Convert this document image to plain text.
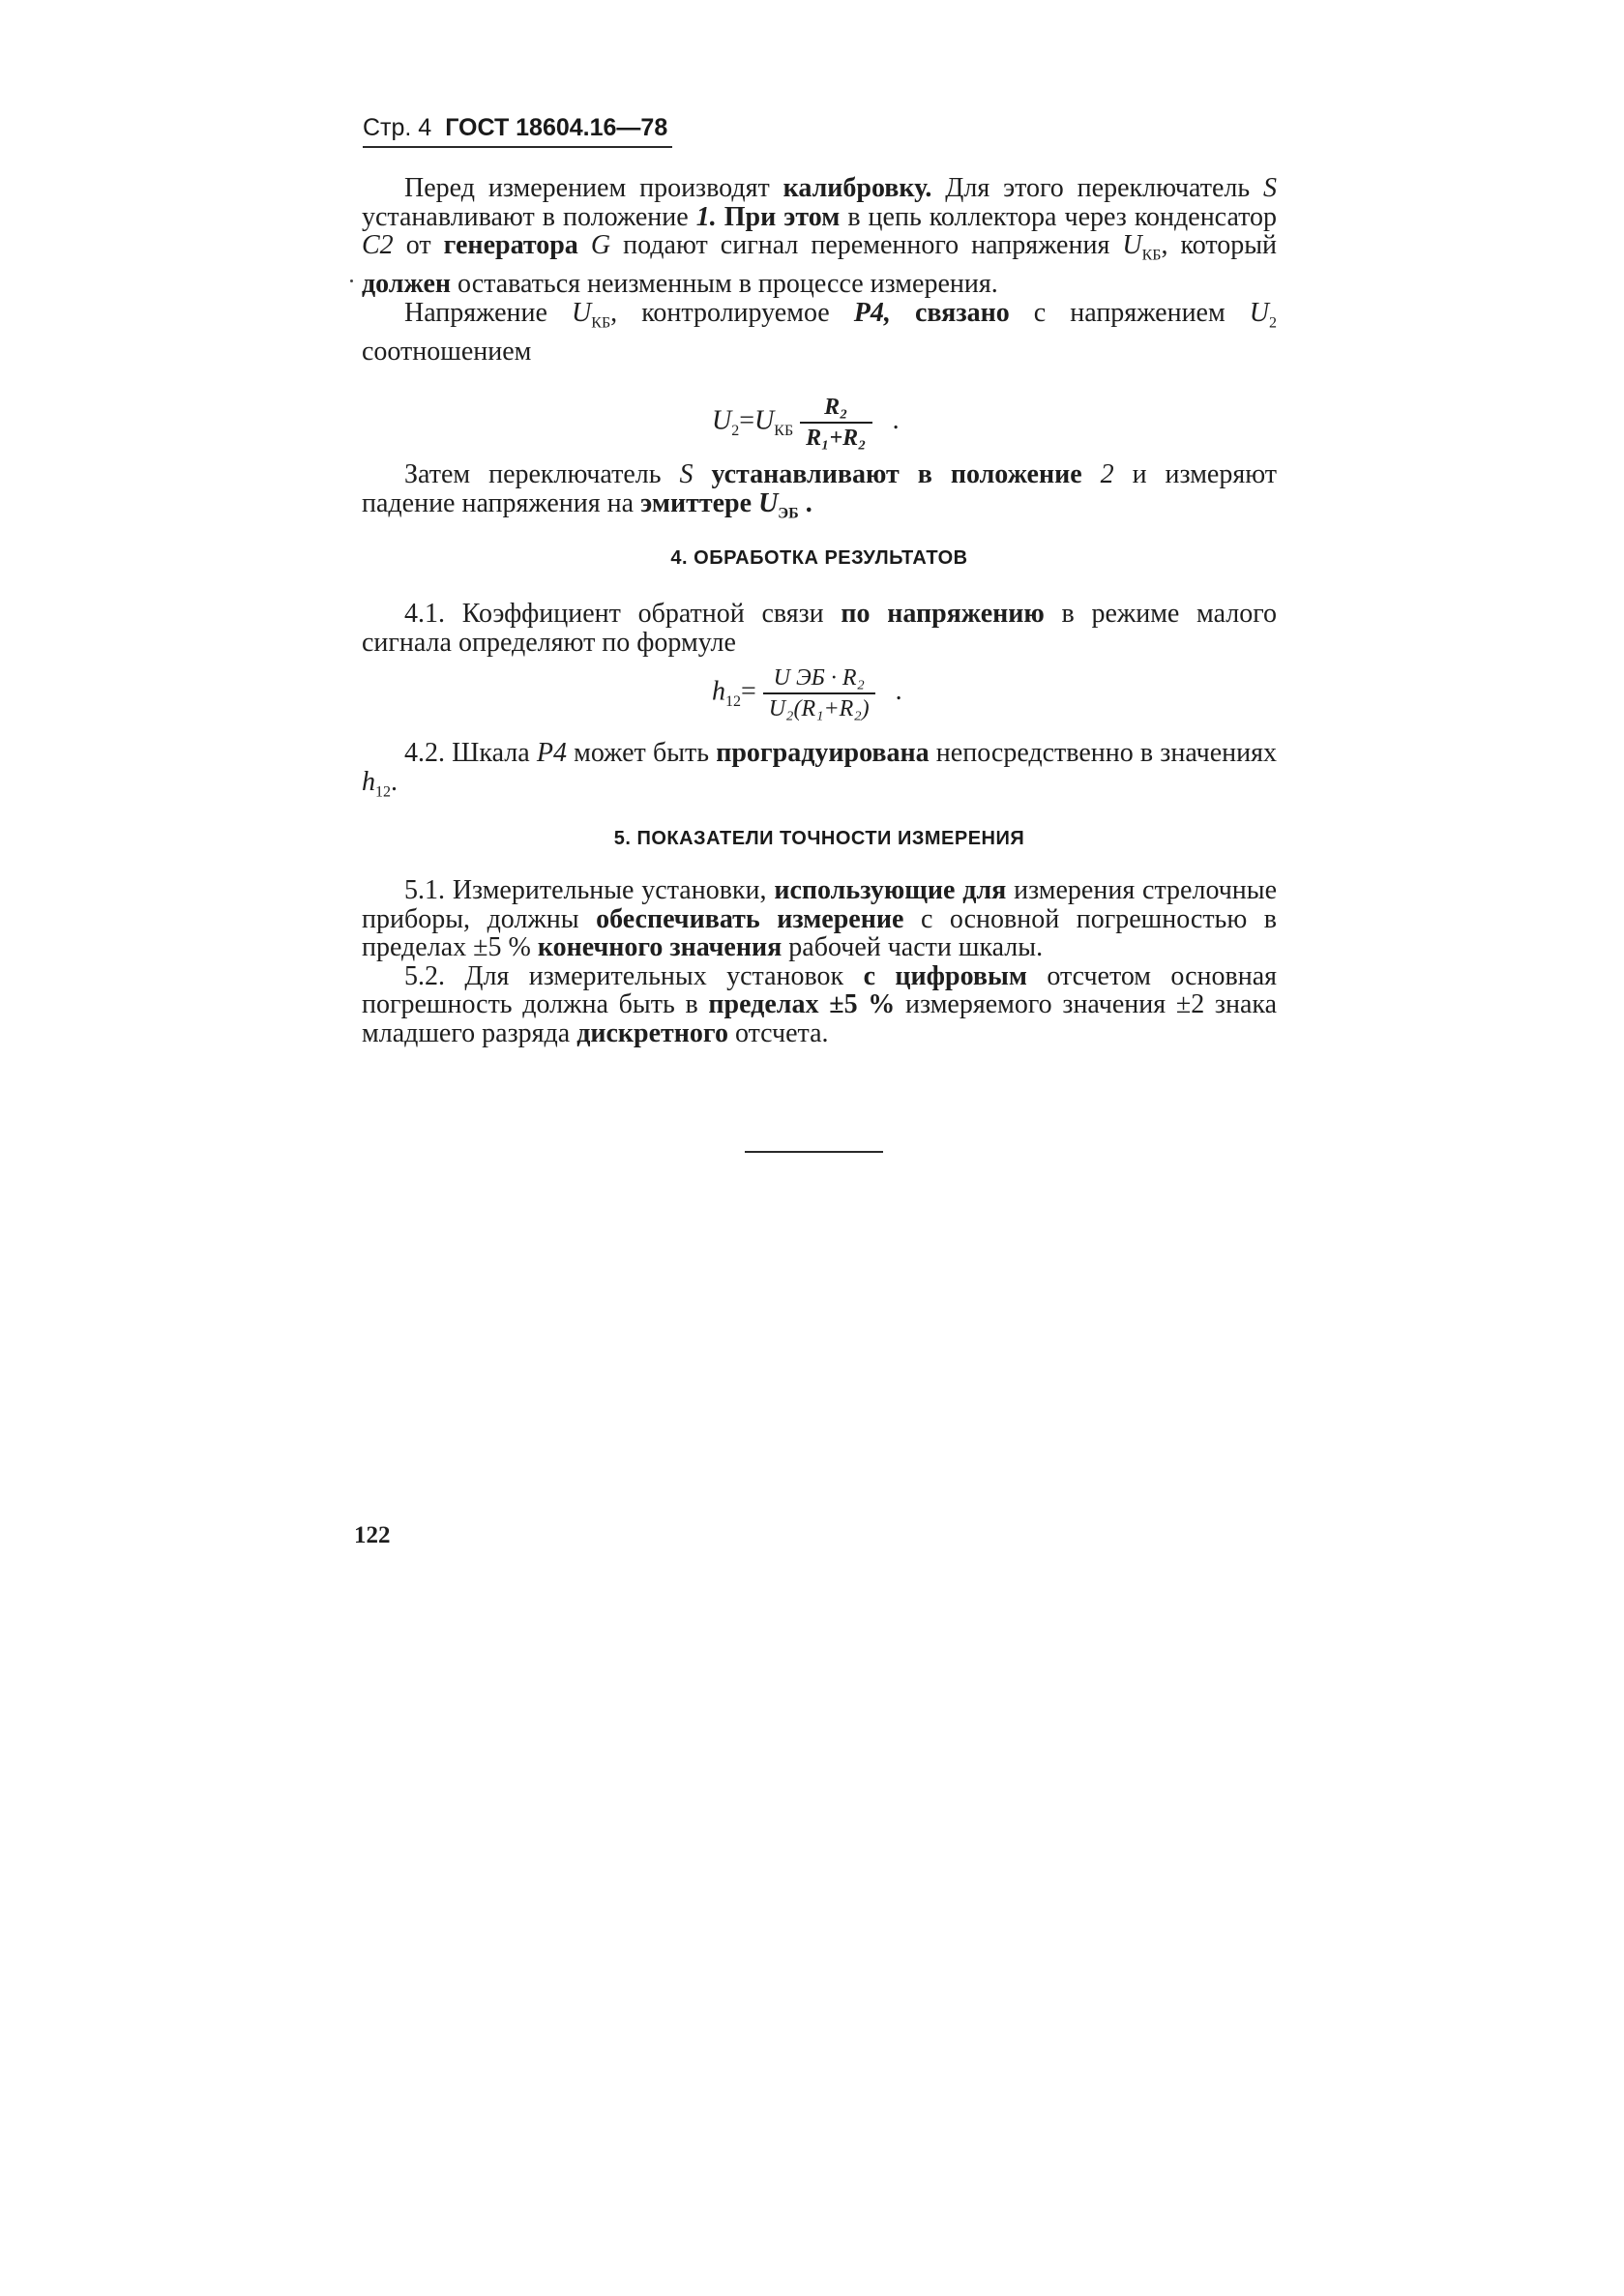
Стр. 4 ГОСТ 18604.16—78

Перед измерением производят калибровку. Для этого переключатель S устанавливают в положение 1. При этом в цепь коллектора через конденсатор C2 от генератора G подают сигнал переменного напряжения $U_{КБ}$, который должен оставаться неизменным в процессе измерения.

Напряжение $U_{КБ}$, контролируемое P4, связано с напряжением $U_2$ соотношением

$U_2=U_{КБ} \frac{\text{R₂}}{\text{R₁+R₂}}$ .

Затем переключатель S устанавливают в положение 2 и измеряют падение напряжения на эмиттере $U_{ЭБ}$ .

4. ОБРАБОТКА РЕЗУЛЬТАТОВ

4.1. Коэффициент обратной связи по напряжению в режиме малого сигнала определяют по формуле

$h_{12}= \frac{\text{U ЭБ · R₂}}{\text{U₂(R₁+R₂)}}$ .

4.2. Шкала P4 может быть проградуирована непосредственно в значениях $h_{12}$.

5. ПОКАЗАТЕЛИ ТОЧНОСТИ ИЗМЕРЕНИЯ

5.1. Измерительные установки, использующие для измерения стрелочные приборы, должны обеспечивать измерение с основной погрешностью в пределах ±5 % конечного значения рабочей части шкалы.

5.2. Для измерительных установок с цифровым отсчетом основная погрешность должна быть в пределах ±5 % измеряемого значения ±2 знака младшего разряда дискретного отсчета.

122
